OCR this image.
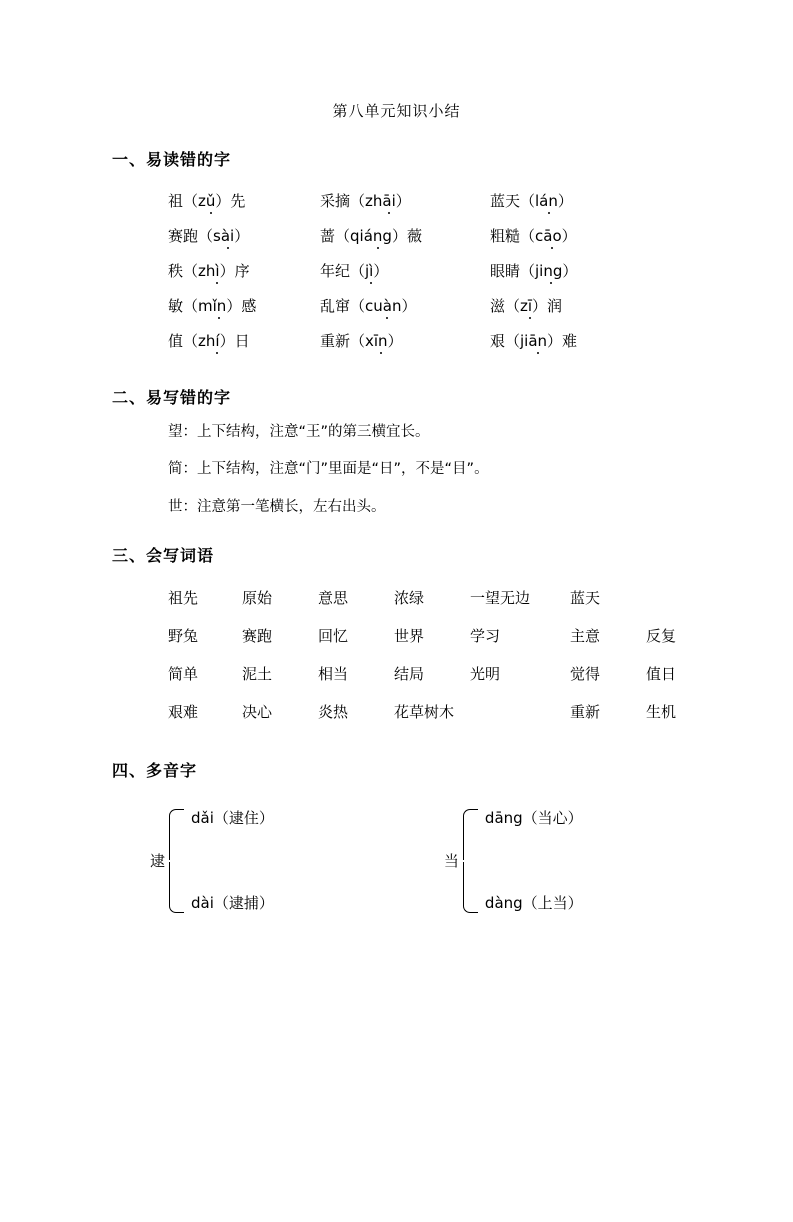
第八单元知识小结
一、易读错的字
祖（zǔ）先	采摘（zhāi）	蓝天（lán）
赛跑（sài）	蔷（qiáng）薇	粗糙（cāo）
秩（zhì）序	年纪（jì）	眼睛（jing）
敏（mǐn）感	乱窜（cuàn）	滋（zī）润
值（zhí）日	重新（xīn）	艰（jiān）难
二、易写错的字
望：上下结构，注意“王”的第三横宜长。
简：上下结构，注意“门”里面是“日”，不是“目”。
世：注意第一笔横长，左右出头。
三、会写词语
祖先	原始	意思	浓绿	一望无边	蓝天	
野兔	赛跑	回忆	世界	学习	主意	反复
简单	泥土	相当	结局	光明	觉得	值日
艰难	决心	炎热	花草树木		重新	生机
四、多音字
逮
dǎi（逮住）
dài（逮捕）
当
dāng（当心）
dàng（上当）
